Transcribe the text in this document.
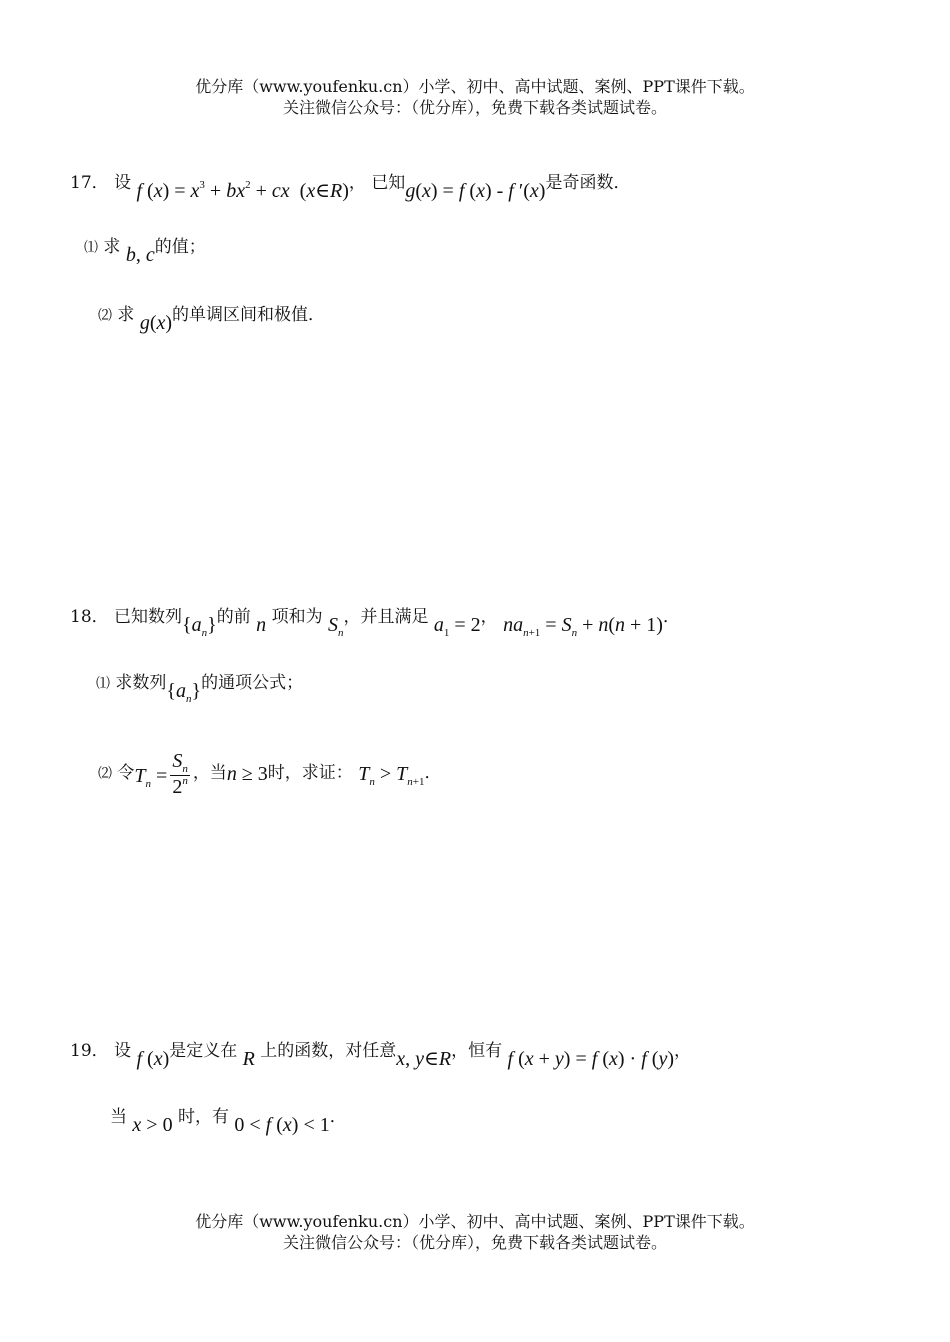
优分库（www.youfenku.cn）小学、初中、高中试题、案例、PPT课件下载。
关注微信公众号：（优分库），免费下载各类试题试卷。
17． 设 f $(x) = x^3 + bx^2$ + cx  (x∈R)， 已知g(x) = f (x) - f ′(x)是奇函数．
⑴ 求 b, c的值；
⑵ 求 g(x)的单调区间和极值．
18． 已知数列$\{a_n\}$的前 n 项和为 $S_n$，并且满足 $a_1 = 2$， $na_{n+1} = S_n + n(n + 1)$．
⑴ 求数列$\{a_n\}$的通项公式；
⑵ 令$T_n = \frac{S_n}{2^n}$ ，当n ≥ 3时，求证： $T_n > T_{n+1}$．
19． 设 f (x)是定义在 R 上的函数，对任意x, y∈R，恒有 f (x + y) = f (x) · f (y)，
当 x > 0 时，有 0 < f (x) < 1．
优分库（www.youfenku.cn）小学、初中、高中试题、案例、PPT课件下载。
关注微信公众号：（优分库），免费下载各类试题试卷。
